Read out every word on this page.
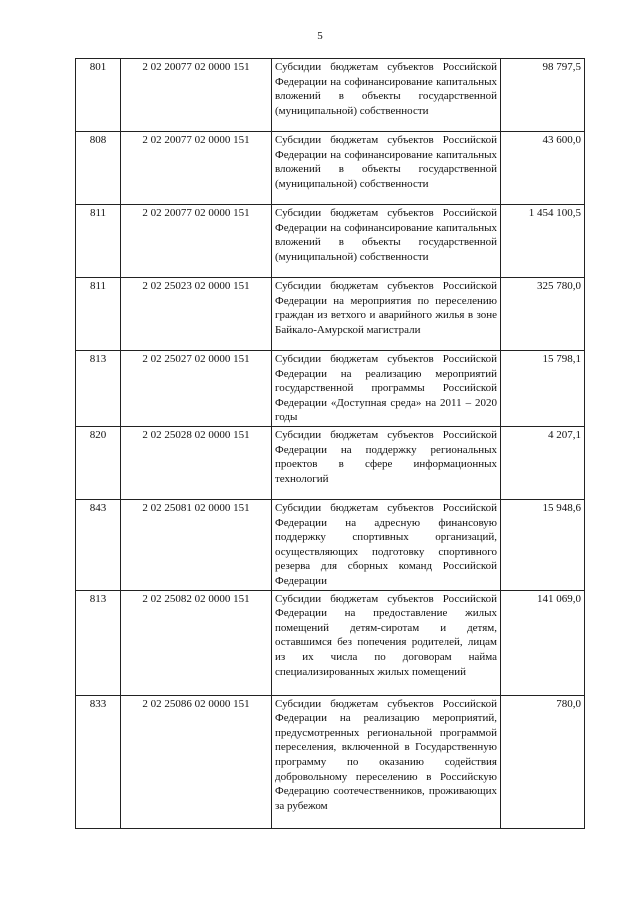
5
801	2 02 20077 02 0000 151	Субсидии бюджетам субъектов Российской Федерации на софинансирование капитальных вложений в объекты государственной (муниципальной) собственности	98 797,5
808	2 02 20077 02 0000 151	Субсидии бюджетам субъектов Российской Федерации на софинансирование капитальных вложений в объекты государственной (муниципальной) собственности	43 600,0
811	2 02 20077 02 0000 151	Субсидии бюджетам субъектов Российской Федерации на софинансирование капитальных вложений в объекты государственной (муниципальной) собственности	1 454 100,5
811	2 02 25023 02 0000 151	Субсидии бюджетам субъектов Российской Федерации на мероприятия по переселению граждан из ветхого и аварийного жилья в зоне Байкало-Амурской магистрали	325 780,0
813	2 02 25027 02 0000 151	Субсидии бюджетам субъектов Российской Федерации на реализацию мероприятий государственной программы Российской Федерации «Доступная среда» на 2011 – 2020 годы	15 798,1
820	2 02 25028 02 0000 151	Субсидии бюджетам субъектов Российской Федерации на поддержку региональных проектов в сфере информационных технологий	4 207,1
843	2 02 25081 02 0000 151	Субсидии бюджетам субъектов Российской Федерации на адресную финансовую поддержку спортивных организаций, осуществляющих подготовку спортивного резерва для сборных команд Российской Федерации	15 948,6
813	2 02 25082 02 0000 151	Субсидии бюджетам субъектов Российской Федерации на предоставление жилых помещений детям-сиротам и детям, оставшимся без попечения родителей, лицам из их числа по договорам найма специализированных жилых помещений	141 069,0
833	2 02 25086 02 0000 151	Субсидии бюджетам субъектов Российской Федерации на реализацию мероприятий, предусмотренных региональной программой переселения, включенной в Государственную программу по оказанию содействия добровольному переселению в Российскую Федерацию соотечественников, проживающих за рубежом	780,0
